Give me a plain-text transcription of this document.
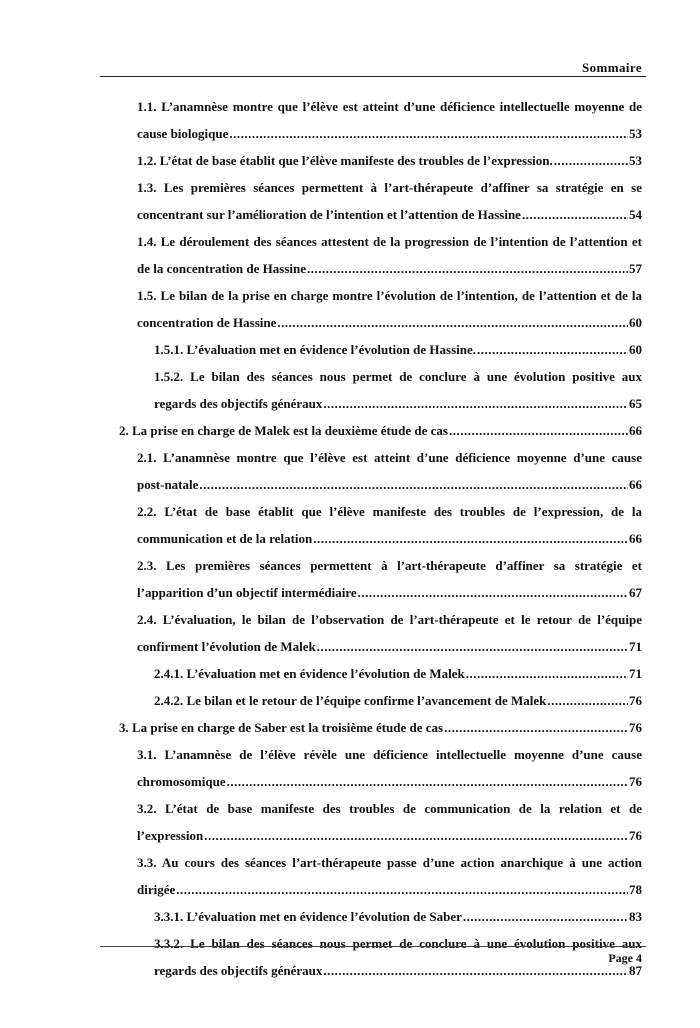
Sommaire
1.1. L’anamnèse montre que l’élève est atteint d’une déficience intellectuelle moyenne de
cause biologique .....	53
1.2. L’état de base établit que l’élève manifeste des troubles de l’expression. .....	53
1.3. Les premières séances permettent à l’art-thérapeute d’affiner sa stratégie en se
concentrant sur l’amélioration de l’intention et l’attention de Hassine .....	54
1.4. Le déroulement des séances attestent de la progression de l’intention de l’attention et
de la concentration de Hassine .....	57
1.5. Le bilan de la prise en charge montre l’évolution de l’intention, de l’attention et de la
concentration de Hassine .....	60
1.5.1. L’évaluation met en évidence l’évolution de Hassine. .....	60
1.5.2. Le bilan des séances nous permet de conclure à une évolution positive aux
regards des objectifs généraux .....	65
2. La prise en charge de Malek est la deuxième étude de cas .....	66
2.1. L’anamnèse montre que l’élève est atteint d’une déficience moyenne d’une cause
post-natale .....	66
2.2. L’état de base établit que l’élève manifeste des troubles de l’expression, de la
communication et de la relation .....	66
2.3. Les premières séances permettent à l’art-thérapeute d’affiner sa stratégie et
l’apparition d’un objectif intermédiaire .....	67
2.4. L’évaluation, le bilan de l’observation de l’art-thérapeute et le retour de l’équipe
confirment l’évolution de Malek .....	71
2.4.1. L’évaluation met en évidence l’évolution de Malek .....	71
2.4.2. Le bilan et le retour de l’équipe confirme l’avancement de Malek .....	76
3. La prise en charge de Saber est la troisième étude de cas .....	76
3.1. L’anamnèse de l’élève révèle une déficience intellectuelle moyenne d’une cause
chromosomique .....	76
3.2. L’état de base manifeste des troubles de communication de la relation et de
l’expression .....	76
3.3. Au cours des séances l’art-thérapeute passe d’une action anarchique à une action
dirigée .....	78
3.3.1. L’évaluation met en évidence l’évolution de Saber .....	83
3.3.2. Le bilan des séances nous permet de conclure à une évolution positive aux
regards des objectifs généraux .....	87
Page 4
